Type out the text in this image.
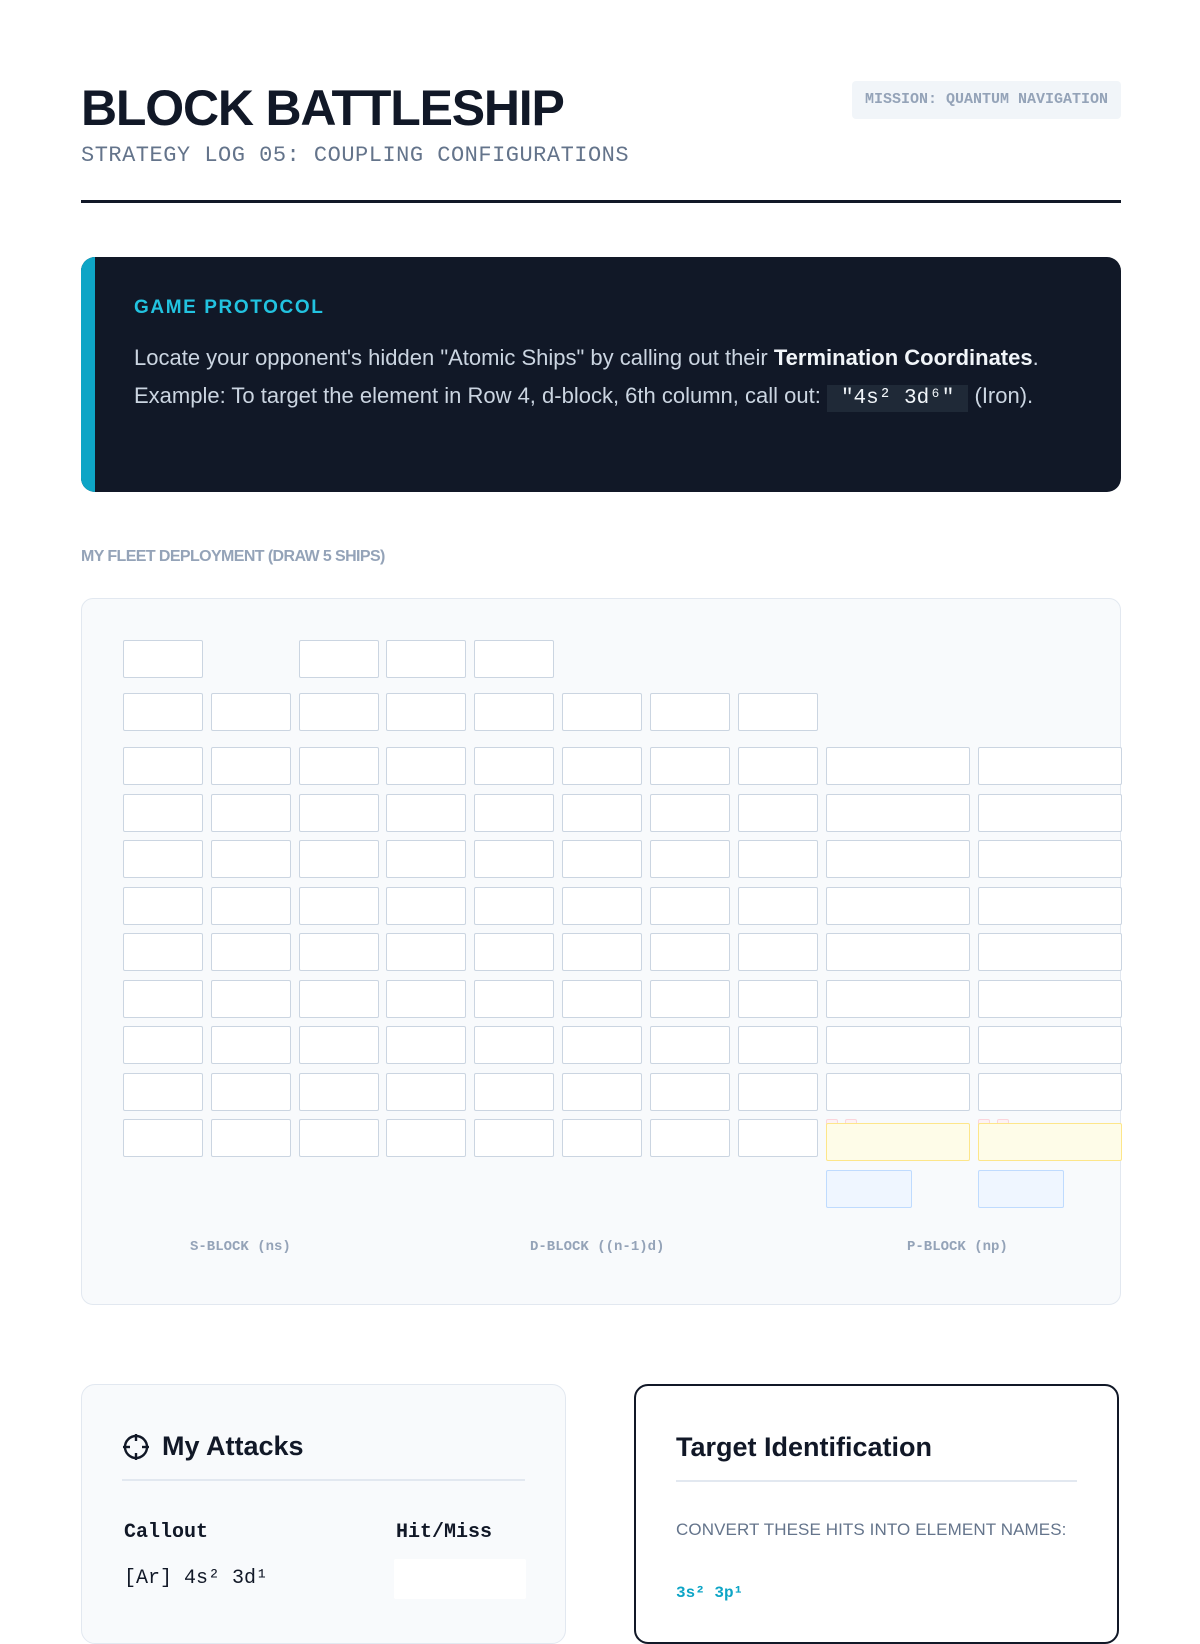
BLOCK BATTLESHIP
STRATEGY LOG 05: COUPLING CONFIGURATIONS
MISSION: QUANTUM NAVIGATION
GAME PROTOCOL
Locate your opponent's hidden "Atomic Ships" by calling out their Termination Coordinates. Example: To target the element in Row 4, d-block, 6th column, call out: "4s² 3d⁶" (Iron).
MY FLEET DEPLOYMENT (DRAW 5 SHIPS)
S-BLOCK (ns)	D-BLOCK ((n-1)d)	P-BLOCK (np)
My Attacks
Callout	Hit/Miss
[Ar] 4s² 3d¹
Target Identification
CONVERT THESE HITS INTO ELEMENT NAMES:
3s² 3p¹
